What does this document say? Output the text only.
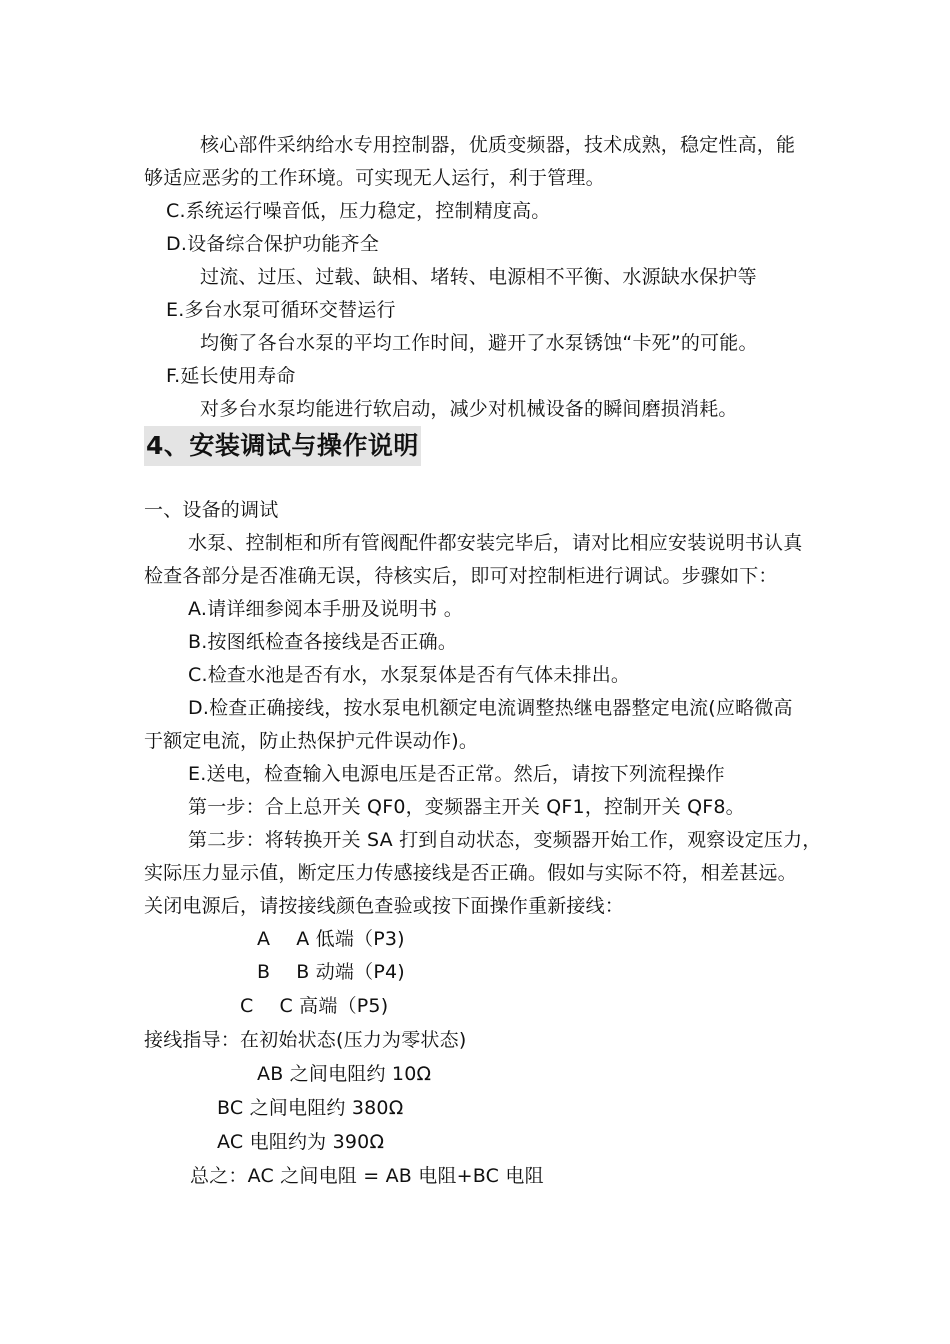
核心部件采纳给水专用控制器，优质变频器，技术成熟，稳定性高，能
够适应恶劣的工作环境。可实现无人运行，利于管理。
C.系统运行噪音低，压力稳定，控制精度高。
D.设备综合保护功能齐全
过流、过压、过载、缺相、堵转、电源相不平衡、水源缺水保护等
E.多台水泵可循环交替运行
均衡了各台水泵的平均工作时间，避开了水泵锈蚀“卡死”的可能。
F.延长使用寿命
对多台水泵均能进行软启动，减少对机械设备的瞬间磨损消耗。
4、安装调试与操作说明
一、设备的调试
水泵、控制柜和所有管阀配件都安装完毕后，请对比相应安装说明书认真
检查各部分是否准确无误，待核实后，即可对控制柜进行调试。步骤如下：
A.请详细参阅本手册及说明书 。
B.按图纸检查各接线是否正确。
C.检查水池是否有水，水泵泵体是否有气体未排出。
D.检查正确接线，按水泵电机额定电流调整热继电器整定电流(应略微高
于额定电流，防止热保护元件误动作)。
E.送电，检查输入电源电压是否正常。然后，请按下列流程操作
第一步：合上总开关 QF0，变频器主开关 QF1，控制开关 QF8。
第二步：将转换开关 SA 打到自动状态，变频器开始工作，观察设定压力，
实际压力显示值，断定压力传感接线是否正确。假如与实际不符，相差甚远。
关闭电源后，请按接线颜色查验或按下面操作重新接线：
A A 低端（P3)
B B 动端（P4)
C C 高端（P5)
接线指导：在初始状态(压力为零状态)
AB 之间电阻约 10Ω
BC 之间电阻约 380Ω
AC 电阻约为 390Ω
总之：AC 之间电阻 = AB 电阻+BC 电阻
